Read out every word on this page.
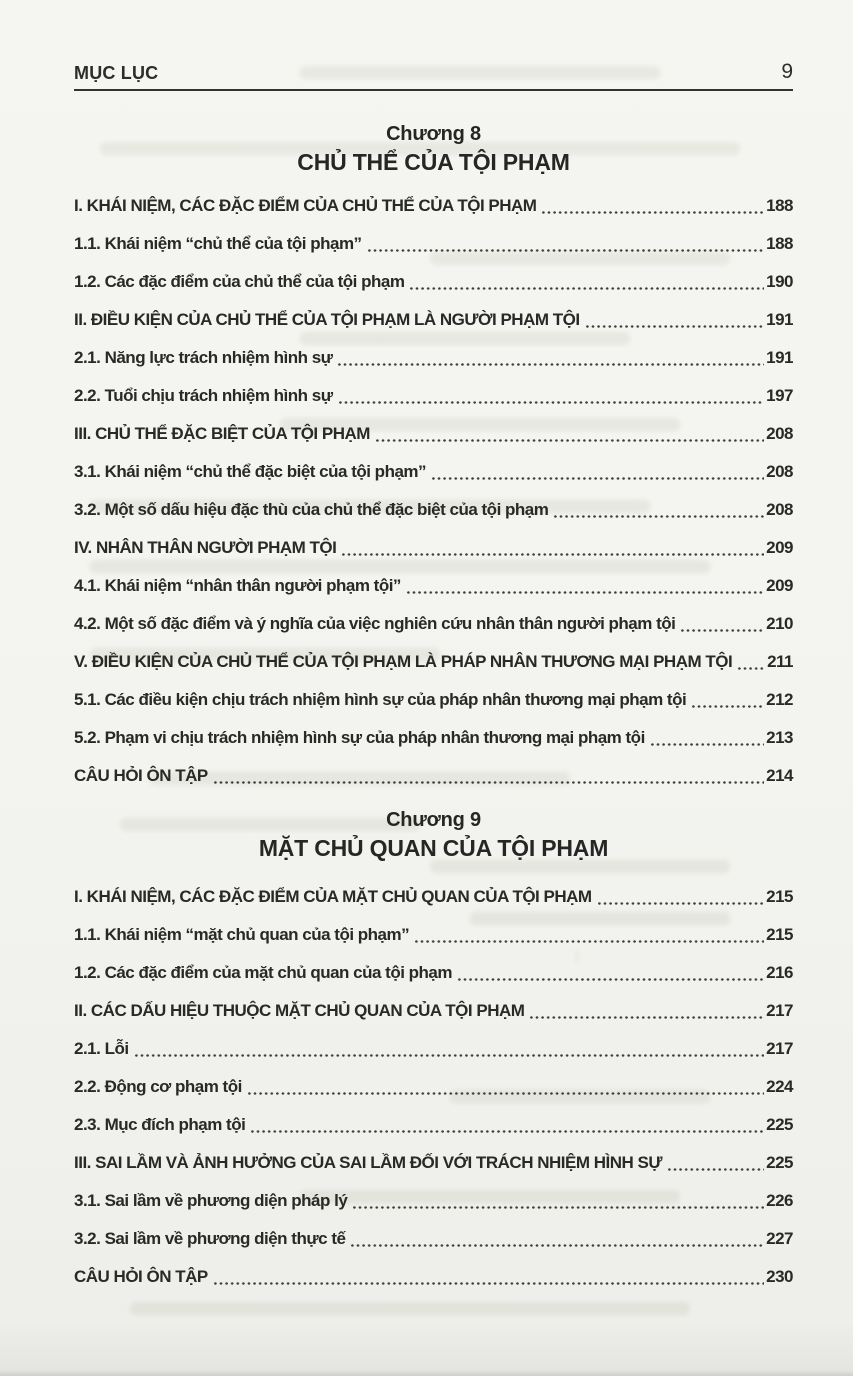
MỤC LỤC	9
Chương 8
CHỦ THỂ CỦA TỘI PHẠM
I. KHÁI NIỆM, CÁC ĐẶC ĐIỂM CỦA CHỦ THỂ CỦA TỘI PHẠM	188
1.1. Khái niệm “chủ thể của tội phạm”	188
1.2. Các đặc điểm của chủ thể của tội phạm	190
II. ĐIỀU KIỆN CỦA CHỦ THỂ CỦA TỘI PHẠM LÀ NGƯỜI PHẠM TỘI	191
2.1. Năng lực trách nhiệm hình sự	191
2.2. Tuổi chịu trách nhiệm hình sự	197
III. CHỦ THỂ ĐẶC BIỆT CỦA TỘI PHẠM	208
3.1. Khái niệm “chủ thể đặc biệt của tội phạm”	208
3.2. Một số dấu hiệu đặc thù của chủ thể đặc biệt của tội phạm	208
IV. NHÂN THÂN NGƯỜI PHẠM TỘI	209
4.1. Khái niệm “nhân thân người phạm tội”	209
4.2. Một số đặc điểm và ý nghĩa của việc nghiên cứu nhân thân người phạm tội	210
V. ĐIỀU KIỆN CỦA CHỦ THỂ CỦA TỘI PHẠM LÀ PHÁP NHÂN THƯƠNG MẠI PHẠM TỘI 211
5.1. Các điều kiện chịu trách nhiệm hình sự của pháp nhân thương mại phạm tội	212
5.2. Phạm vi chịu trách nhiệm hình sự của pháp nhân thương mại phạm tội	213
CÂU HỎI ÔN TẬP	214
Chương 9
MẶT CHỦ QUAN CỦA TỘI PHẠM
I. KHÁI NIỆM, CÁC ĐẶC ĐIỂM CỦA MẶT CHỦ QUAN CỦA TỘI PHẠM	215
1.1. Khái niệm “mặt chủ quan của tội phạm”	215
1.2. Các đặc điểm của mặt chủ quan của tội phạm	216
II. CÁC DẤU HIỆU THUỘC MẶT CHỦ QUAN CỦA TỘI PHẠM	217
2.1. Lỗi	217
2.2. Động cơ phạm tội	224
2.3. Mục đích phạm tội	225
III. SAI LẦM VÀ ẢNH HƯỞNG CỦA SAI LẦM ĐỐI VỚI TRÁCH NHIỆM HÌNH SỰ	225
3.1. Sai lầm về phương diện pháp lý	226
3.2. Sai lầm về phương diện thực tế	227
CÂU HỎI ÔN TẬP	230
